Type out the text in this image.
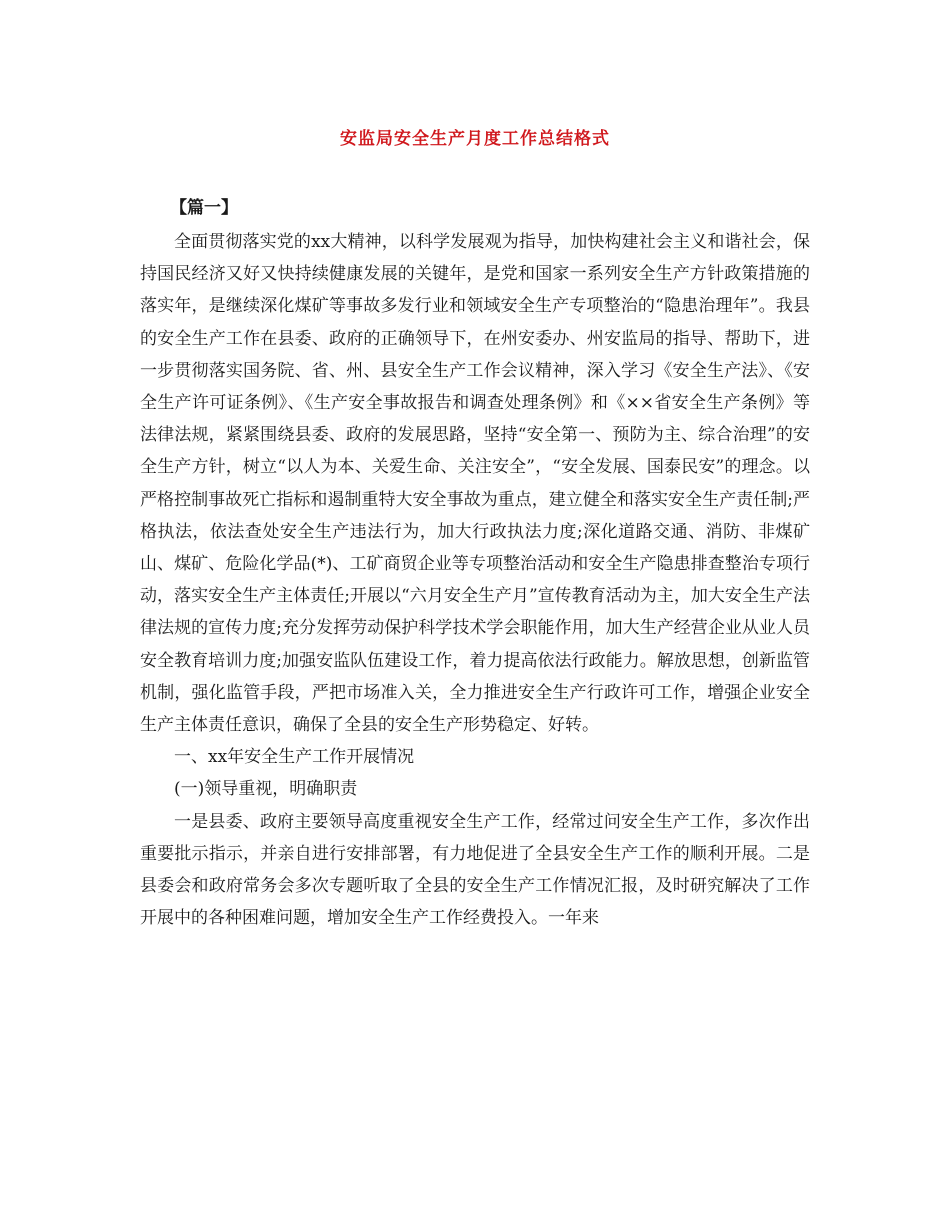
安监局安全生产月度工作总结格式
【篇一】

全面贯彻落实党的xx大精神，以科学发展观为指导，加快构建社会主义和谐社会，保持国民经济又好又快持续健康发展的关键年，是党和国家一系列安全生产方针政策措施的落实年，是继续深化煤矿等事故多发行业和领域安全生产专项整治的“隐患治理年”。我县的安全生产工作在县委、政府的正确领导下，在州安委办、州安监局的指导、帮助下，进一步贯彻落实国务院、省、州、县安全生产工作会议精神，深入学习《安全生产法》、《安全生产许可证条例》、《生产安全事故报告和调查处理条例》和《××省安全生产条例》等法律法规，紧紧围绕县委、政府的发展思路，坚持“安全第一、预防为主、综合治理”的安全生产方针，树立“以人为本、关爱生命、关注安全”，“安全发展、国泰民安”的理念。以严格控制事故死亡指标和遏制重特大安全事故为重点，建立健全和落实安全生产责任制;严格执法，依法查处安全生产违法行为，加大行政执法力度;深化道路交通、消防、非煤矿山、煤矿、危险化学品(*)、工矿商贸企业等专项整治活动和安全生产隐患排查整治专项行动，落实安全生产主体责任;开展以“六月安全生产月”宣传教育活动为主，加大安全生产法律法规的宣传力度;充分发挥劳动保护科学技术学会职能作用，加大生产经营企业从业人员安全教育培训力度;加强安监队伍建设工作，着力提高依法行政能力。解放思想，创新监管机制，强化监管手段，严把市场准入关，全力推进安全生产行政许可工作，增强企业安全生产主体责任意识，确保了全县的安全生产形势稳定、好转。

一、xx年安全生产工作开展情况

(一)领导重视，明确职责

一是县委、政府主要领导高度重视安全生产工作，经常过问安全生产工作，多次作出重要批示指示，并亲自进行安排部署，有力地促进了全县安全生产工作的顺利开展。二是县委会和政府常务会多次专题听取了全县的安全生产工作情况汇报，及时研究解决了工作开展中的各种困难问题，增加安全生产工作经费投入。一年来
